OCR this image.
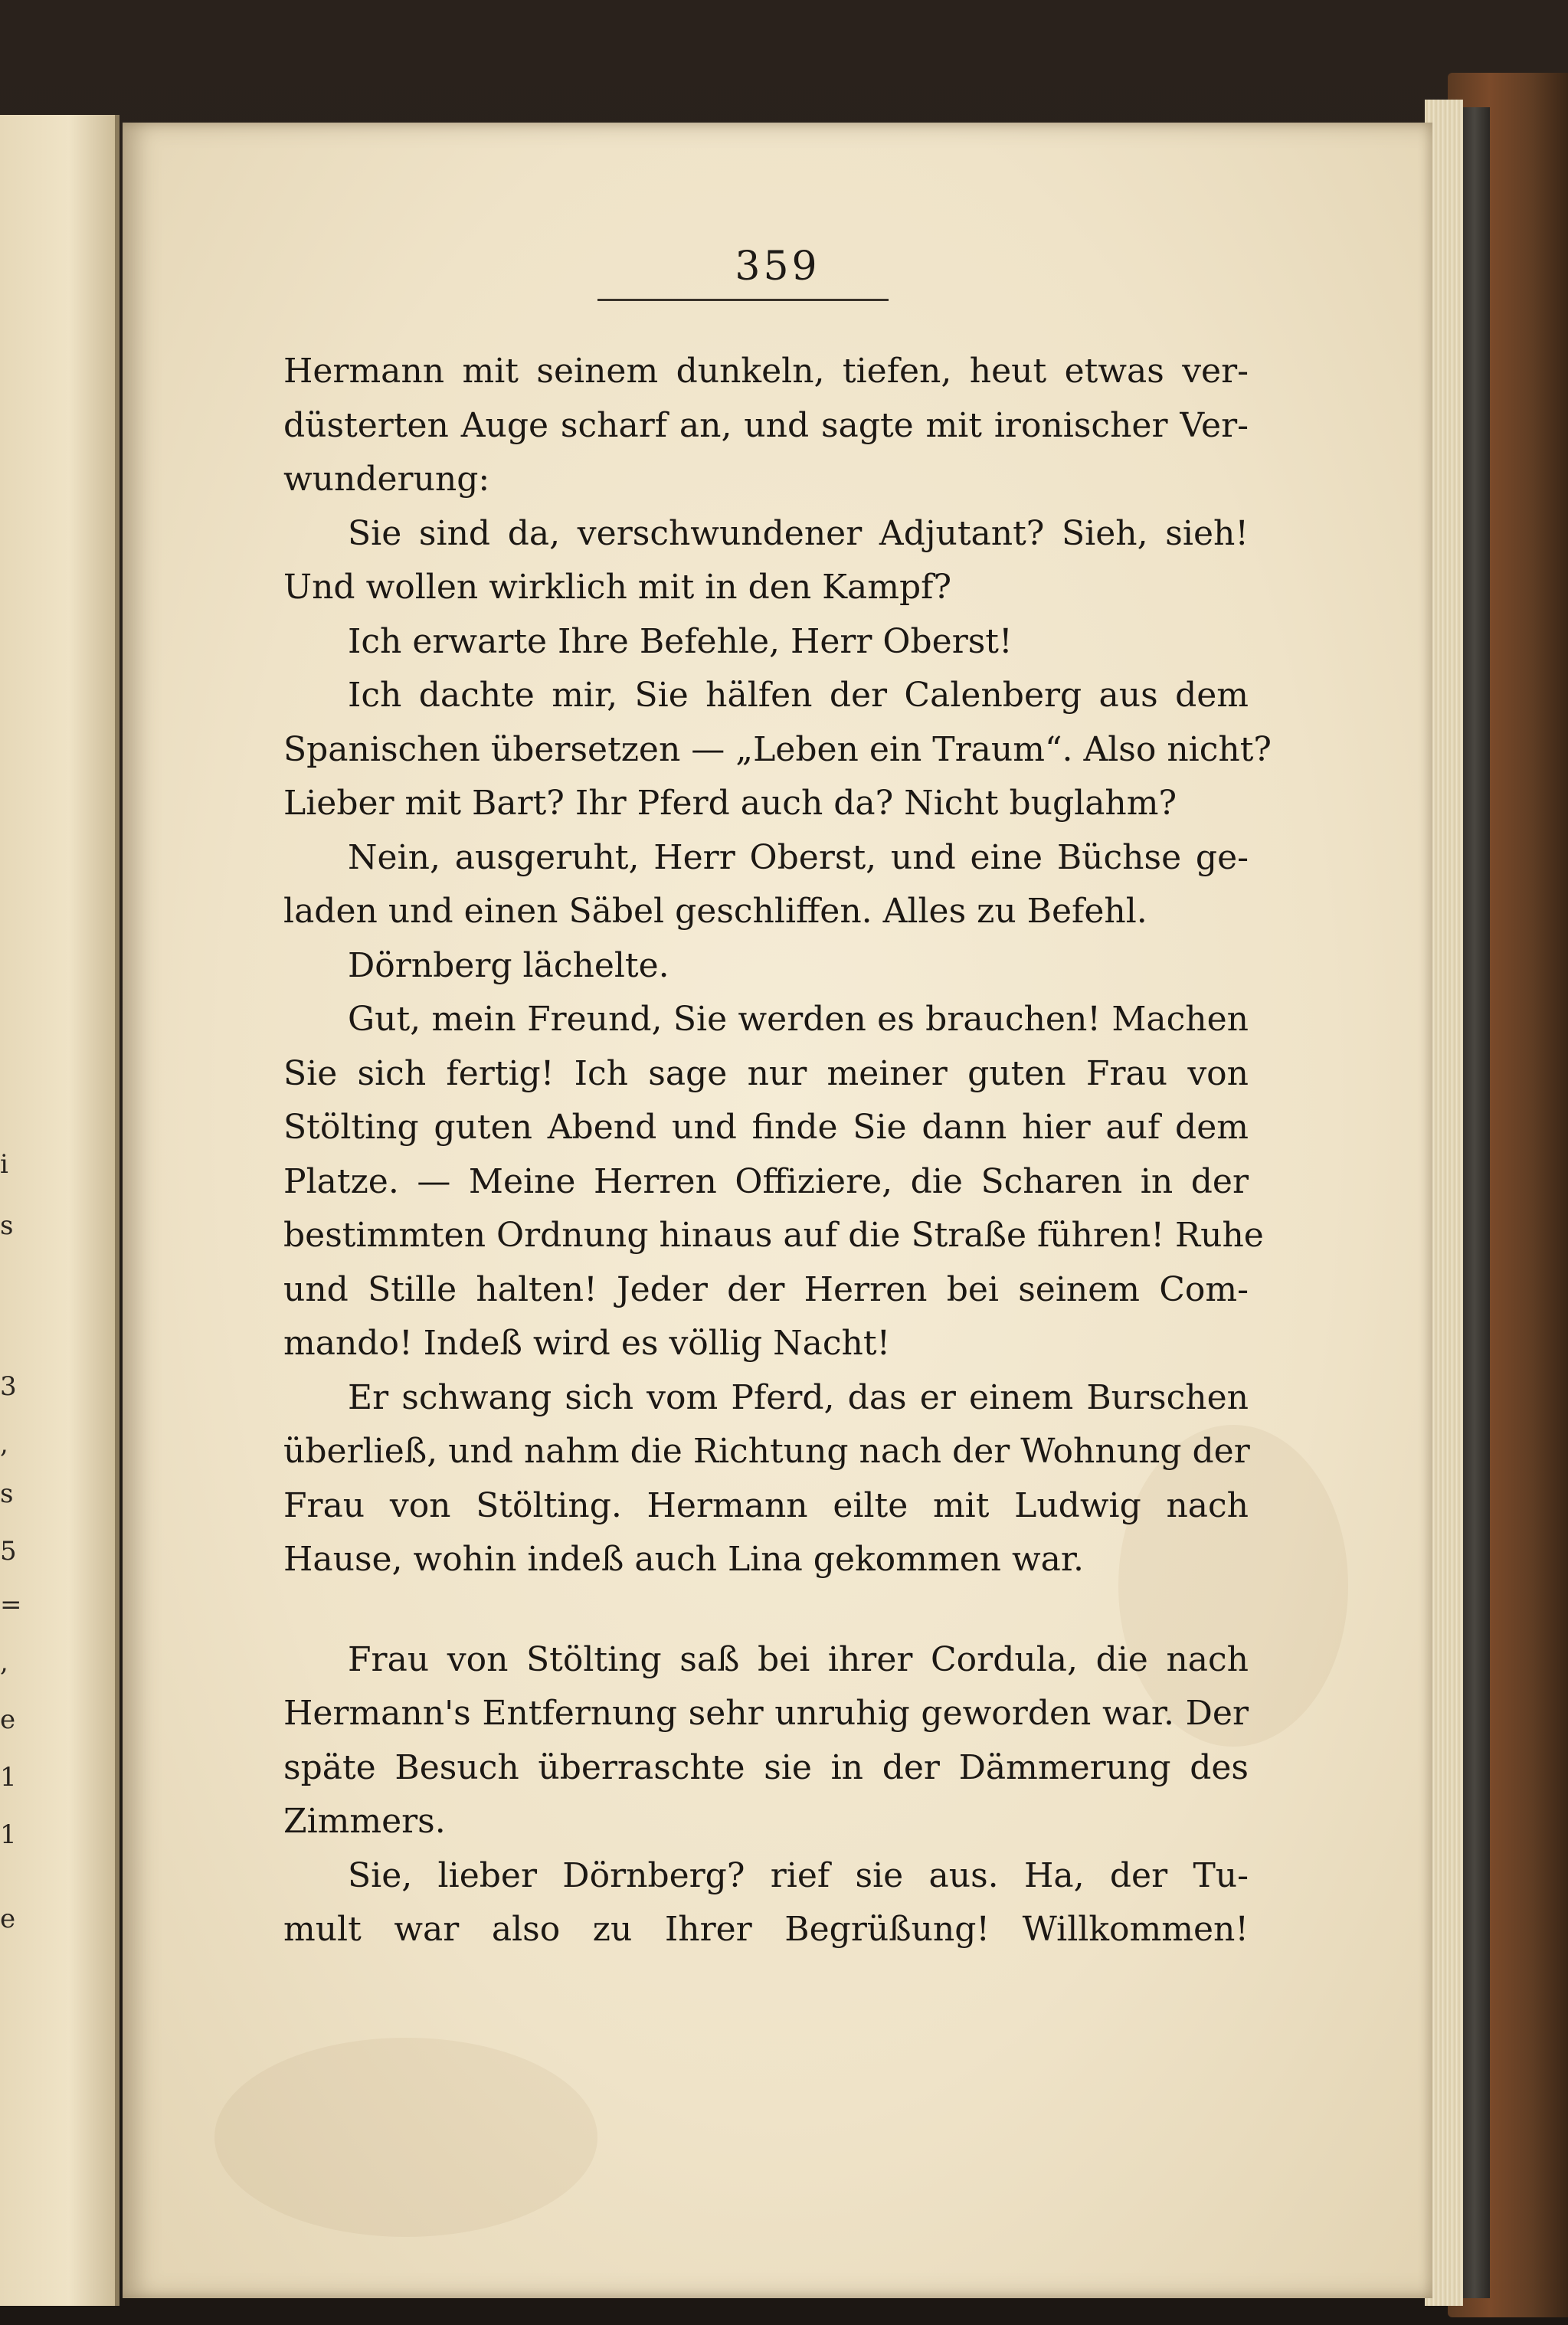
i
s
3
,
s
5
=
,
e
1
1
e
359
Hermann mit seinem dunkeln, tiefen, heut etwas ver-
düsterten Auge scharf an, und sagte mit ironischer Ver-
wunderung:
Sie sind da, verschwundener Adjutant? Sieh, sieh!
Und wollen wirklich mit in den Kampf?
Ich erwarte Ihre Befehle, Herr Oberst!
Ich dachte mir, Sie hälfen der Calenberg aus dem
Spanischen übersetzen — „Leben ein Traum“. Also nicht?
Lieber mit Bart? Ihr Pferd auch da? Nicht buglahm?
Nein, ausgeruht, Herr Oberst, und eine Büchse ge-
laden und einen Säbel geschliffen. Alles zu Befehl.
Dörnberg lächelte.
Gut, mein Freund, Sie werden es brauchen! Machen
Sie sich fertig! Ich sage nur meiner guten Frau von
Stölting guten Abend und finde Sie dann hier auf dem
Platze. — Meine Herren Offiziere, die Scharen in der
bestimmten Ordnung hinaus auf die Straße führen! Ruhe
und Stille halten! Jeder der Herren bei seinem Com-
mando! Indeß wird es völlig Nacht!
Er schwang sich vom Pferd, das er einem Burschen
überließ, und nahm die Richtung nach der Wohnung der
Frau von Stölting. Hermann eilte mit Ludwig nach
Hause, wohin indeß auch Lina gekommen war.
Frau von Stölting saß bei ihrer Cordula, die nach
Hermann's Entfernung sehr unruhig geworden war. Der
späte Besuch überraschte sie in der Dämmerung des
Zimmers.
Sie, lieber Dörnberg? rief sie aus. Ha, der Tu-
mult war also zu Ihrer Begrüßung! Willkommen!
